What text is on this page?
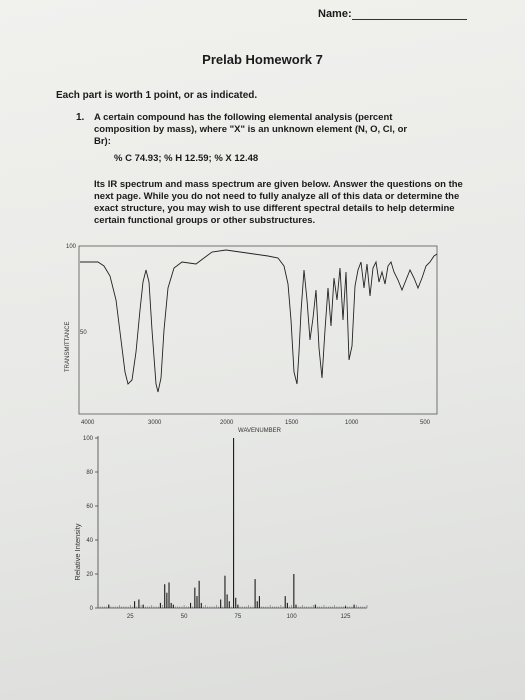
Name:
Prelab Homework 7
Each part is worth 1 point, or as indicated.
1. A certain compound has the following elemental analysis (percent composition by mass), where "X" is an unknown element (N, O, Cl, or Br):
% C 74.93; % H 12.59; % X 12.48
Its IR spectrum and mass spectrum are given below. Answer the questions on the next page. While you do not need to fully analyze all of this data or determine the exact structure, you may wish to use different spectral details to help determine certain functional groups or other substructures.
100
50
TRANSMITTANCE
4000	3000	2000	1500	1000	500
WAVENUMBER
Relative Intensity
0
20
40
60
80
100
25	50	75	100	125
